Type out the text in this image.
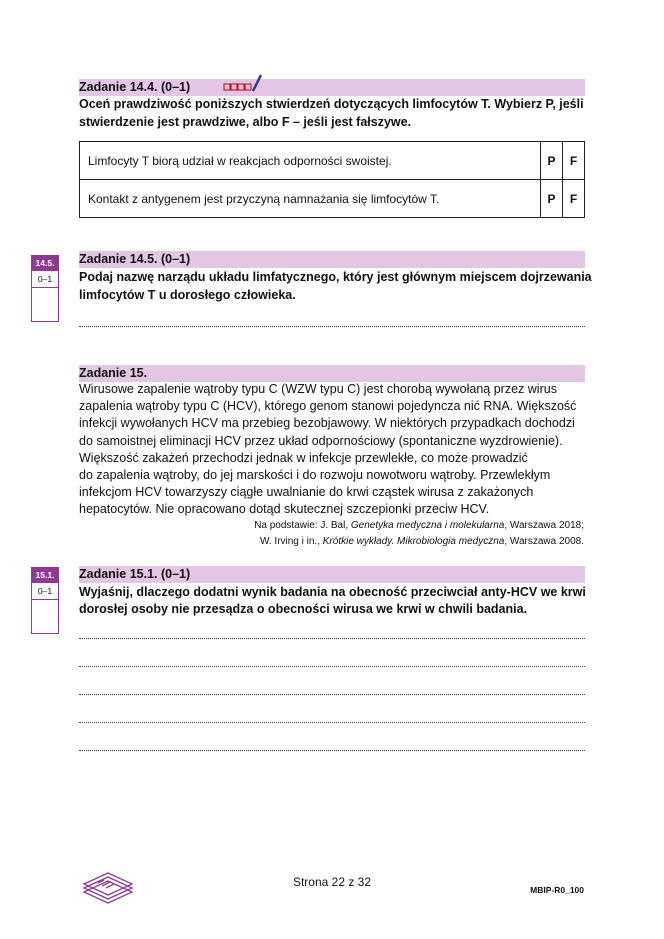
Zadanie 14.4. (0–1)
Oceń prawdziwość poniższych stwierdzeń dotyczących limfocytów T. Wybierz P, jeśli
stwierdzenie jest prawdziwe, albo F – jeśli jest fałszywe.
Limfocyty T biorą udział w reakcjach odporności swoistej.	P	F
Kontakt z antygenem jest przyczyną namnażania się limfocytów T.	P	F
14.5.
0–1
Zadanie 14.5. (0–1)
Podaj nazwę narządu układu limfatycznego, który jest głównym miejscem dojrzewania
limfocytów T u dorosłego człowieka.
Zadanie 15.
Wirusowe zapalenie wątroby typu C (WZW typu C) jest chorobą wywołaną przez wirus
zapalenia wątroby typu C (HCV), którego genom stanowi pojedyncza nić RNA. Większość
infekcji wywołanych HCV ma przebieg bezobjawowy. W niektórych przypadkach dochodzi
do samoistnej eliminacji HCV przez układ odpornościowy (spontaniczne wyzdrowienie).
Większość zakażeń przechodzi jednak w infekcje przewlekłe, co może prowadzić
do zapalenia wątroby, do jej marskości i do rozwoju nowotworu wątroby. Przewlekłym
infekcjom HCV towarzyszy ciągłe uwalnianie do krwi cząstek wirusa z zakażonych
hepatocytów. Nie opracowano dotąd skutecznej szczepionki przeciw HCV.
Na podstawie: J. Bal, Genetyka medyczna i molekularna, Warszawa 2018;
W. Irving i in., Krótkie wykłady. Mikrobiologia medyczna, Warszawa 2008.
15.1.
0–1
Zadanie 15.1. (0–1)
Wyjaśnij, dlaczego dodatni wynik badania na obecność przeciwciał anty-HCV we krwi
dorosłej osoby nie przesądza o obecności wirusa we krwi w chwili badania.
Strona 22 z 32
MBIP-R0_100
